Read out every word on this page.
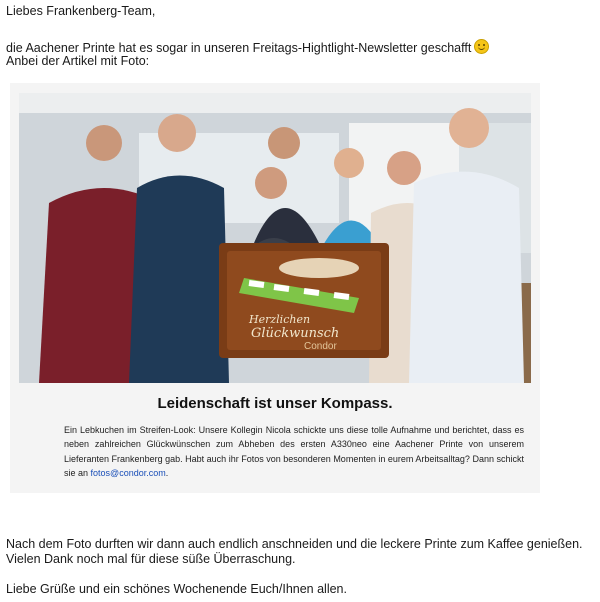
Liebes Frankenberg-Team,
die Aachener Printe hat es sogar in unseren Freitags-Hightlight-Newsletter geschafft
Anbei der Artikel mit Foto:
Herzlichen
Glückwunsch
Condor
Leidenschaft ist unser Kompass.
Ein Lebkuchen im Streifen-Look: Unsere Kollegin Nicola schickte uns diese tolle Aufnahme und berichtet, dass es neben zahlreichen Glückwünschen zum Abheben des ersten A330neo eine Aachener Printe von unserem Lieferanten Frankenberg gab. Habt auch ihr Fotos von besonderen Momenten in eurem Arbeitsalltag? Dann schickt sie an fotos@condor.com.
Nach dem Foto durften wir dann auch endlich anschneiden und die leckere Printe zum Kaffee genießen.
Vielen Dank noch mal für diese süße Überraschung.
Liebe Grüße und ein schönes Wochenende Euch/Ihnen allen.
